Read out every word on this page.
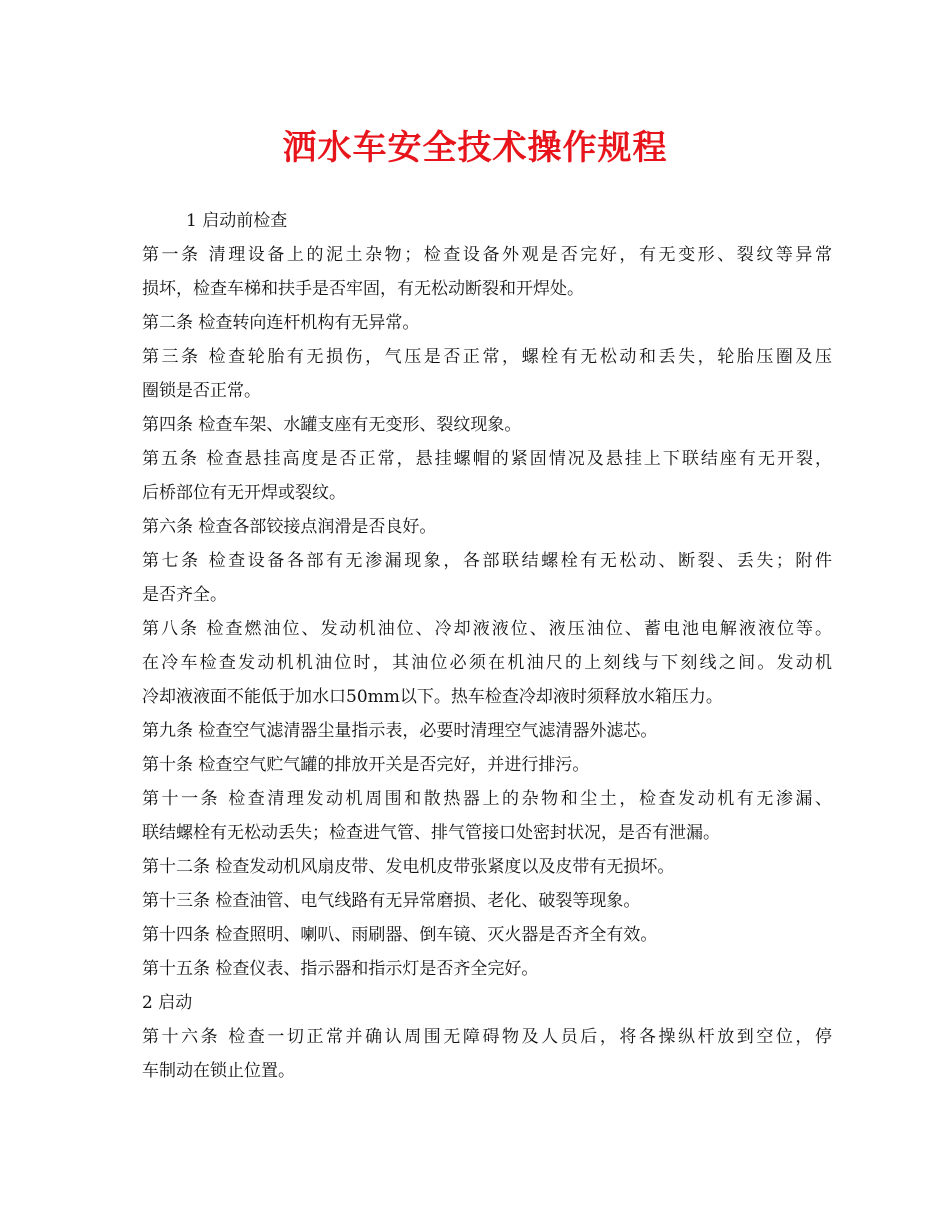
洒水车安全技术操作规程

1 启动前检查

第一条 清理设备上的泥土杂物；检查设备外观是否完好，有无变形、裂纹等异常

损坏，检查车梯和扶手是否牢固，有无松动断裂和开焊处。

第二条 检查转向连杆机构有无异常。

第三条 检查轮胎有无损伤，气压是否正常，螺栓有无松动和丢失，轮胎压圈及压

圈锁是否正常。

第四条 检查车架、水罐支座有无变形、裂纹现象。

第五条 检查悬挂高度是否正常，悬挂螺帽的紧固情况及悬挂上下联结座有无开裂，

后桥部位有无开焊或裂纹。

第六条 检查各部铰接点润滑是否良好。

第七条 检查设备各部有无渗漏现象，各部联结螺栓有无松动、断裂、丢失；附件

是否齐全。

第八条 检查燃油位、发动机油位、冷却液液位、液压油位、蓄电池电解液液位等。

在冷车检查发动机机油位时，其油位必须在机油尺的上刻线与下刻线之间。发动机

冷却液液面不能低于加水口50mm以下。热车检查冷却液时须释放水箱压力。

第九条 检查空气滤清器尘量指示表，必要时清理空气滤清器外滤芯。

第十条 检查空气贮气罐的排放开关是否完好，并进行排污。

第十一条 检查清理发动机周围和散热器上的杂物和尘土，检查发动机有无渗漏、

联结螺栓有无松动丢失；检查进气管、排气管接口处密封状况，是否有泄漏。

第十二条 检查发动机风扇皮带、发电机皮带张紧度以及皮带有无损坏。

第十三条 检查油管、电气线路有无异常磨损、老化、破裂等现象。

第十四条 检查照明、喇叭、雨刷器、倒车镜、灭火器是否齐全有效。

第十五条 检查仪表、指示器和指示灯是否齐全完好。

2 启动

第十六条 检查一切正常并确认周围无障碍物及人员后，将各操纵杆放到空位，停

车制动在锁止位置。
